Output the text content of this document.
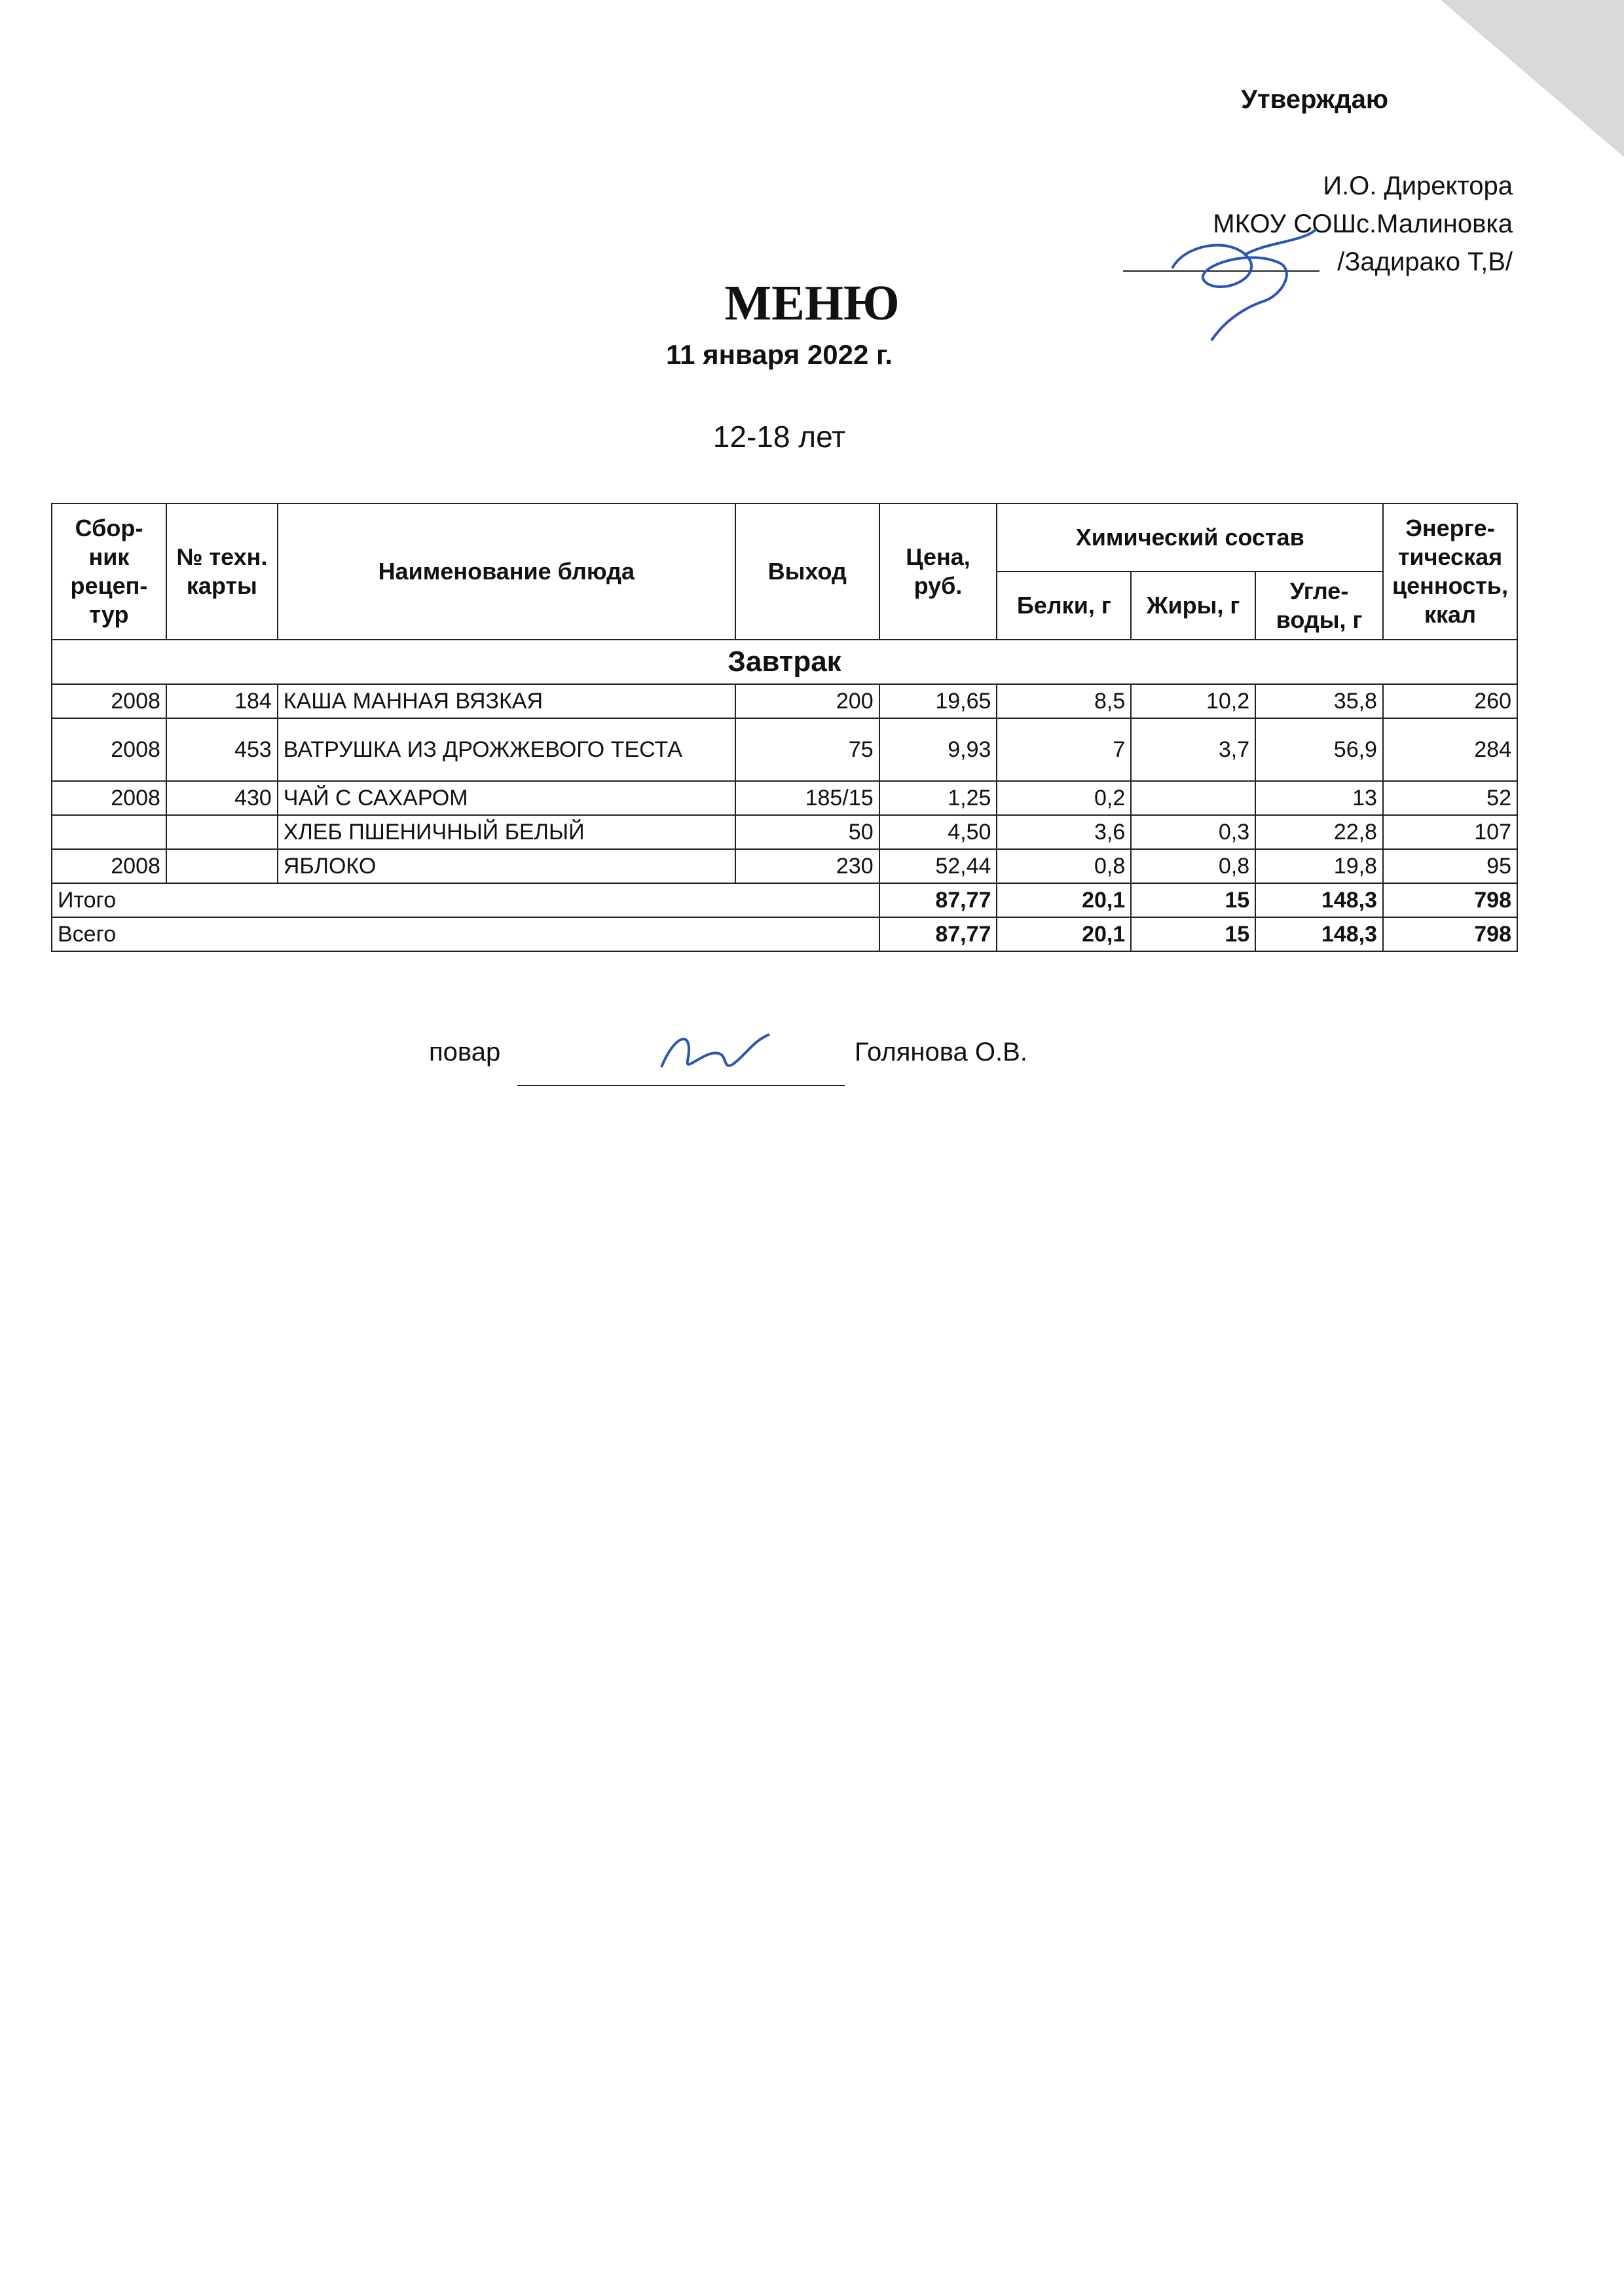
Утверждаю
И.О. Директора
МКОУ СОШс.Малиновка
/Задирако Т,В/
МЕНЮ
11 января 2022 г.
12-18 лет
Сбор-ник рецеп-тур	№ техн. карты	Наименование блюда	Выход	Цена, руб.	Химический состав			Энерге-тическая ценность, ккал
					Белки, г	Жиры, г	Угле-воды, г	
Завтрак								
2008	184	КАША МАННАЯ ВЯЗКАЯ	200	19,65	8,5	10,2	35,8	260
2008	453	ВАТРУШКА ИЗ ДРОЖЖЕВОГО ТЕСТА	75	9,93	7	3,7	56,9	284
2008	430	ЧАЙ С САХАРОМ	185/15	1,25	0,2		13	52
		ХЛЕБ ПШЕНИЧНЫЙ БЕЛЫЙ	50	4,50	3,6	0,3	22,8	107
2008		ЯБЛОКО	230	52,44	0,8	0,8	19,8	95
Итого				87,77	20,1	15	148,3	798
Всего				87,77	20,1	15	148,3	798
повар	Голянова О.В.
